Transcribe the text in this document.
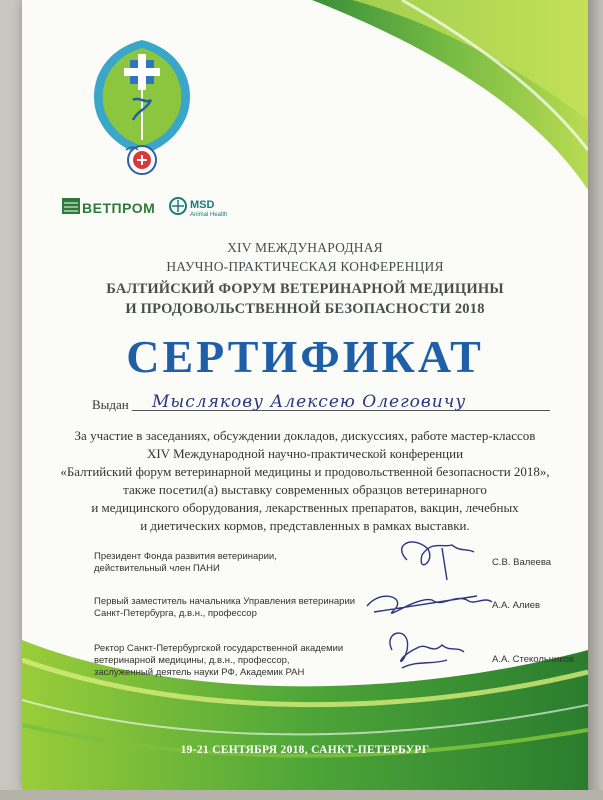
ВЕТПРОМ	MSD
Animal Health
XIV МЕЖДУНАРОДНАЯ
НАУЧНО-ПРАКТИЧЕСКАЯ КОНФЕРЕНЦИЯ
БАЛТИЙСКИЙ ФОРУМ ВЕТЕРИНАРНОЙ МЕДИЦИНЫ
И ПРОДОВОЛЬСТВЕННОЙ БЕЗОПАСНОСТИ 2018
СЕРТИФИКАТ
Выдан Мыслякову Алексею Олеговичу
За участие в заседаниях, обсуждении докладов, дискуссиях, работе мастер-классов
XIV Международной научно-практической конференции
«Балтийский форум ветеринарной медицины и продовольственной безопасности 2018»,
также посетил(а) выставку современных образцов ветеринарного
и медицинского оборудования, лекарственных препаратов, вакцин, лечебных
и диетических кормов, представленных в рамках выставки.
Президент Фонда развития ветеринарии,
действительный член ПАНИ
С.В. Валеева
Первый заместитель начальника Управления ветеринарии
Санкт-Петербурга, д.в.н., профессор
А.А. Алиев
Ректор Санкт-Петербургской государственной академии
ветеринарной медицины, д.в.н., профессор,
заслуженный деятель науки РФ, Академик РАН
А.А. Стекольников
19-21 СЕНТЯБРЯ 2018, САНКТ-ПЕТЕРБУРГ
